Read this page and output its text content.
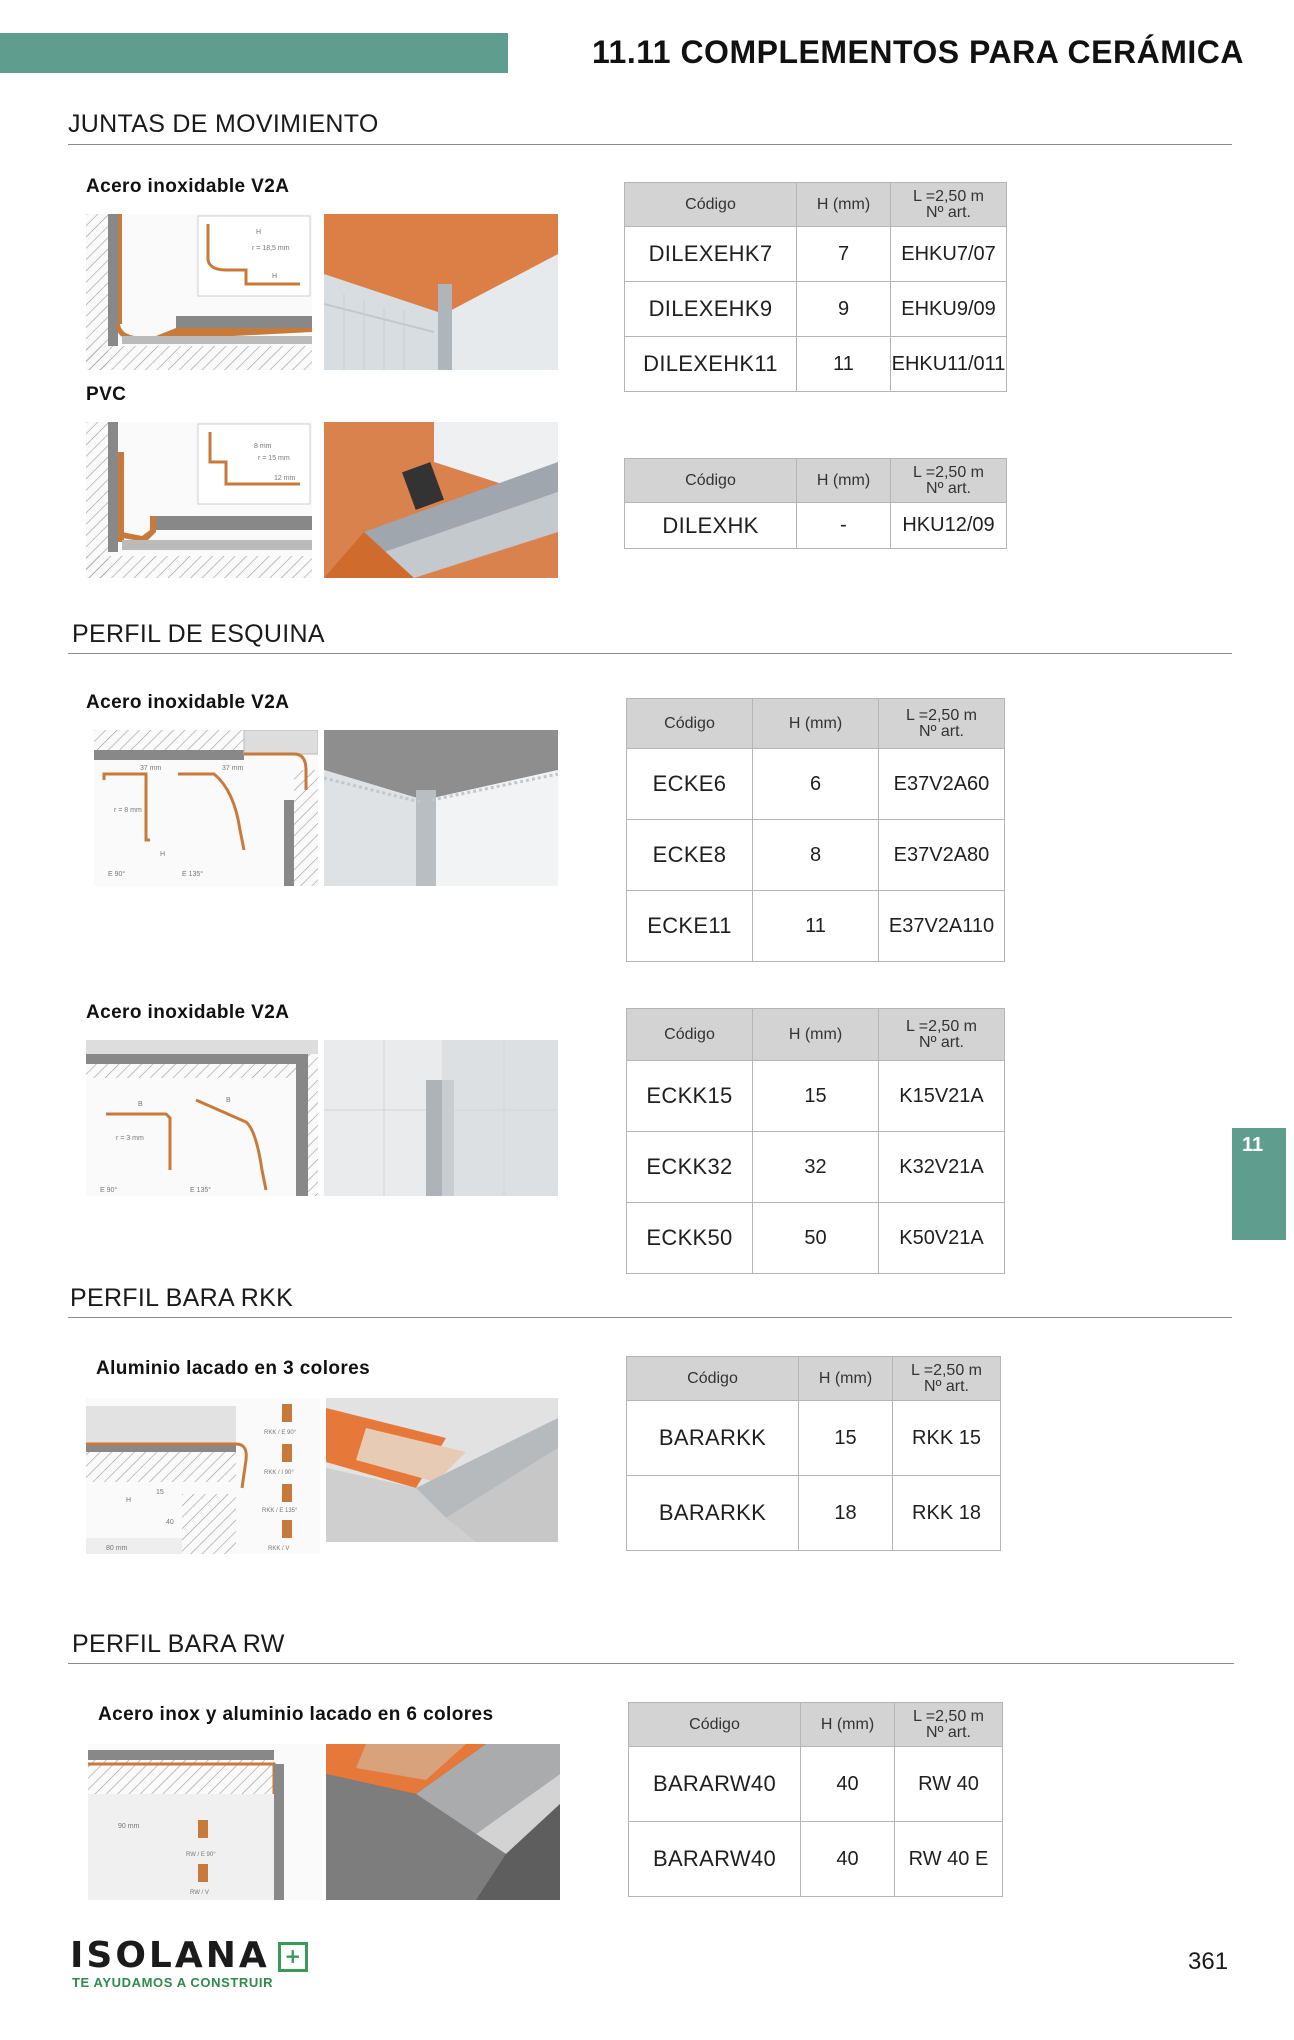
11.11 COMPLEMENTOS PARA CERÁMICA
JUNTAS DE MOVIMIENTO
Acero inoxidable V2A
r = 18,5 mm
H
H
PVC
8 mm
r = 15 mm
12 mm
Código	H (mm)	L =2,50 m
Nº art.

DILEXEHK7	7	EHKU7/07
DILEXEHK9	9	EHKU9/09
DILEXEHK11	11	EHKU11/011
Código	H (mm)	L =2,50 m
Nº art.

DILEXHK	-	HKU12/09
PERFIL DE ESQUINA
Acero inoxidable V2A
37 mm	37 mm
r = 8 mm
H
E 90°	E 135°
Código	H (mm)	L =2,50 m
Nº art.

ECKE6	6	E37V2A60
ECKE8	8	E37V2A80
ECKE11	11	E37V2A110
Acero inoxidable V2A
B
B
r = 3 mm
E 90°	E 135°
Código	H (mm)	L =2,50 m
Nº art.

ECKK15	15	K15V21A
ECKK32	32	K32V21A
ECKK50	50	K50V21A
PERFIL BARA RKK
Aluminio lacado en 3 colores
RKK / E 90°
RKK / I 90°
RKK / E 135°
RKK / V
H
15
40
80 mm
Código	H (mm)	L =2,50 m
Nº art.

BARARKK	15	RKK 15
BARARKK	18	RKK 18
PERFIL BARA RW
Acero inox y aluminio lacado en 6 colores
90 mm
RW / E 90°
RW / V
Código	H (mm)	L =2,50 m
Nº art.

BARARW40	40	RW 40
BARARW40	40	RW 40 E
11
ISOLANA +
TE AYUDAMOS A CONSTRUIR
361
